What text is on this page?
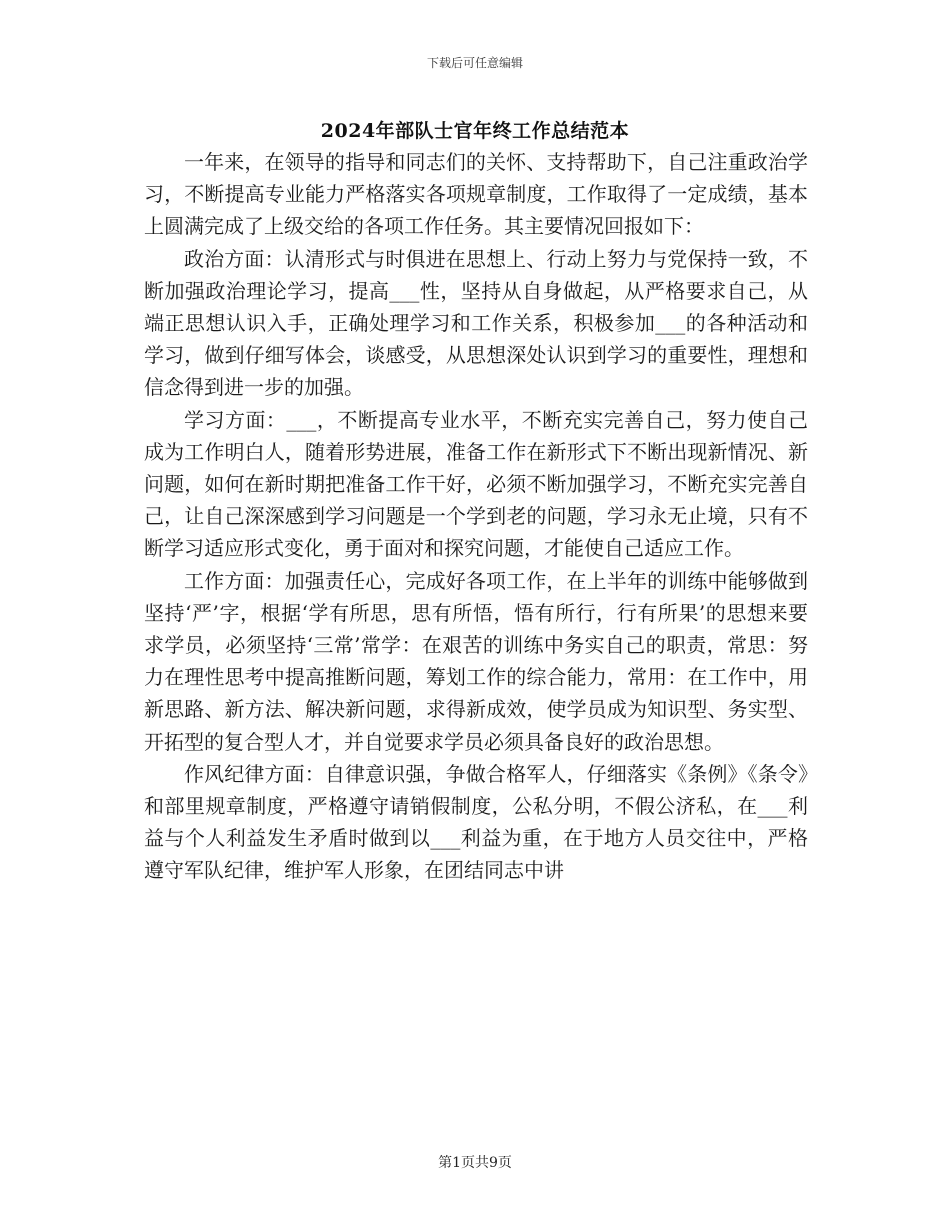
下载后可任意编辑
2024年部队士官年终工作总结范本

一年来，在领导的指导和同志们的关怀、支持帮助下，自己注重政治学习，不断提高专业能力严格落实各项规章制度，工作取得了一定成绩，基本上圆满完成了上级交给的各项工作任务。其主要情况回报如下：

政治方面：认清形式与时俱进在思想上、行动上努力与党保持一致，不断加强政治理论学习，提高___性，坚持从自身做起，从严格要求自己，从端正思想认识入手，正确处理学习和工作关系，积极参加___的各种活动和学习，做到仔细写体会，谈感受，从思想深处认识到学习的重要性，理想和信念得到进一步的加强。

学习方面：___，不断提高专业水平，不断充实完善自己，努力使自己成为工作明白人，随着形势进展，准备工作在新形式下不断出现新情况、新问题，如何在新时期把准备工作干好，必须不断加强学习，不断充实完善自己，让自己深深感到学习问题是一个学到老的问题，学习永无止境，只有不断学习适应形式变化，勇于面对和探究问题，才能使自己适应工作。

工作方面：加强责任心，完成好各项工作，在上半年的训练中能够做到坚持‘严’字，根据‘学有所思，思有所悟，悟有所行，行有所果’的思想来要求学员，必须坚持‘三常’常学：在艰苦的训练中务实自己的职责，常思：努力在理性思考中提高推断问题，筹划工作的综合能力，常用：在工作中，用新思路、新方法、解决新问题，求得新成效，使学员成为知识型、务实型、开拓型的复合型人才，并自觉要求学员必须具备良好的政治思想。

作风纪律方面：自律意识强，争做合格军人，仔细落实《条例》《条令》和部里规章制度，严格遵守请销假制度，公私分明，不假公济私，在___利益与个人利益发生矛盾时做到以___利益为重，在于地方人员交往中，严格遵守军队纪律，维护军人形象，在团结同志中讲

第1页共9页
